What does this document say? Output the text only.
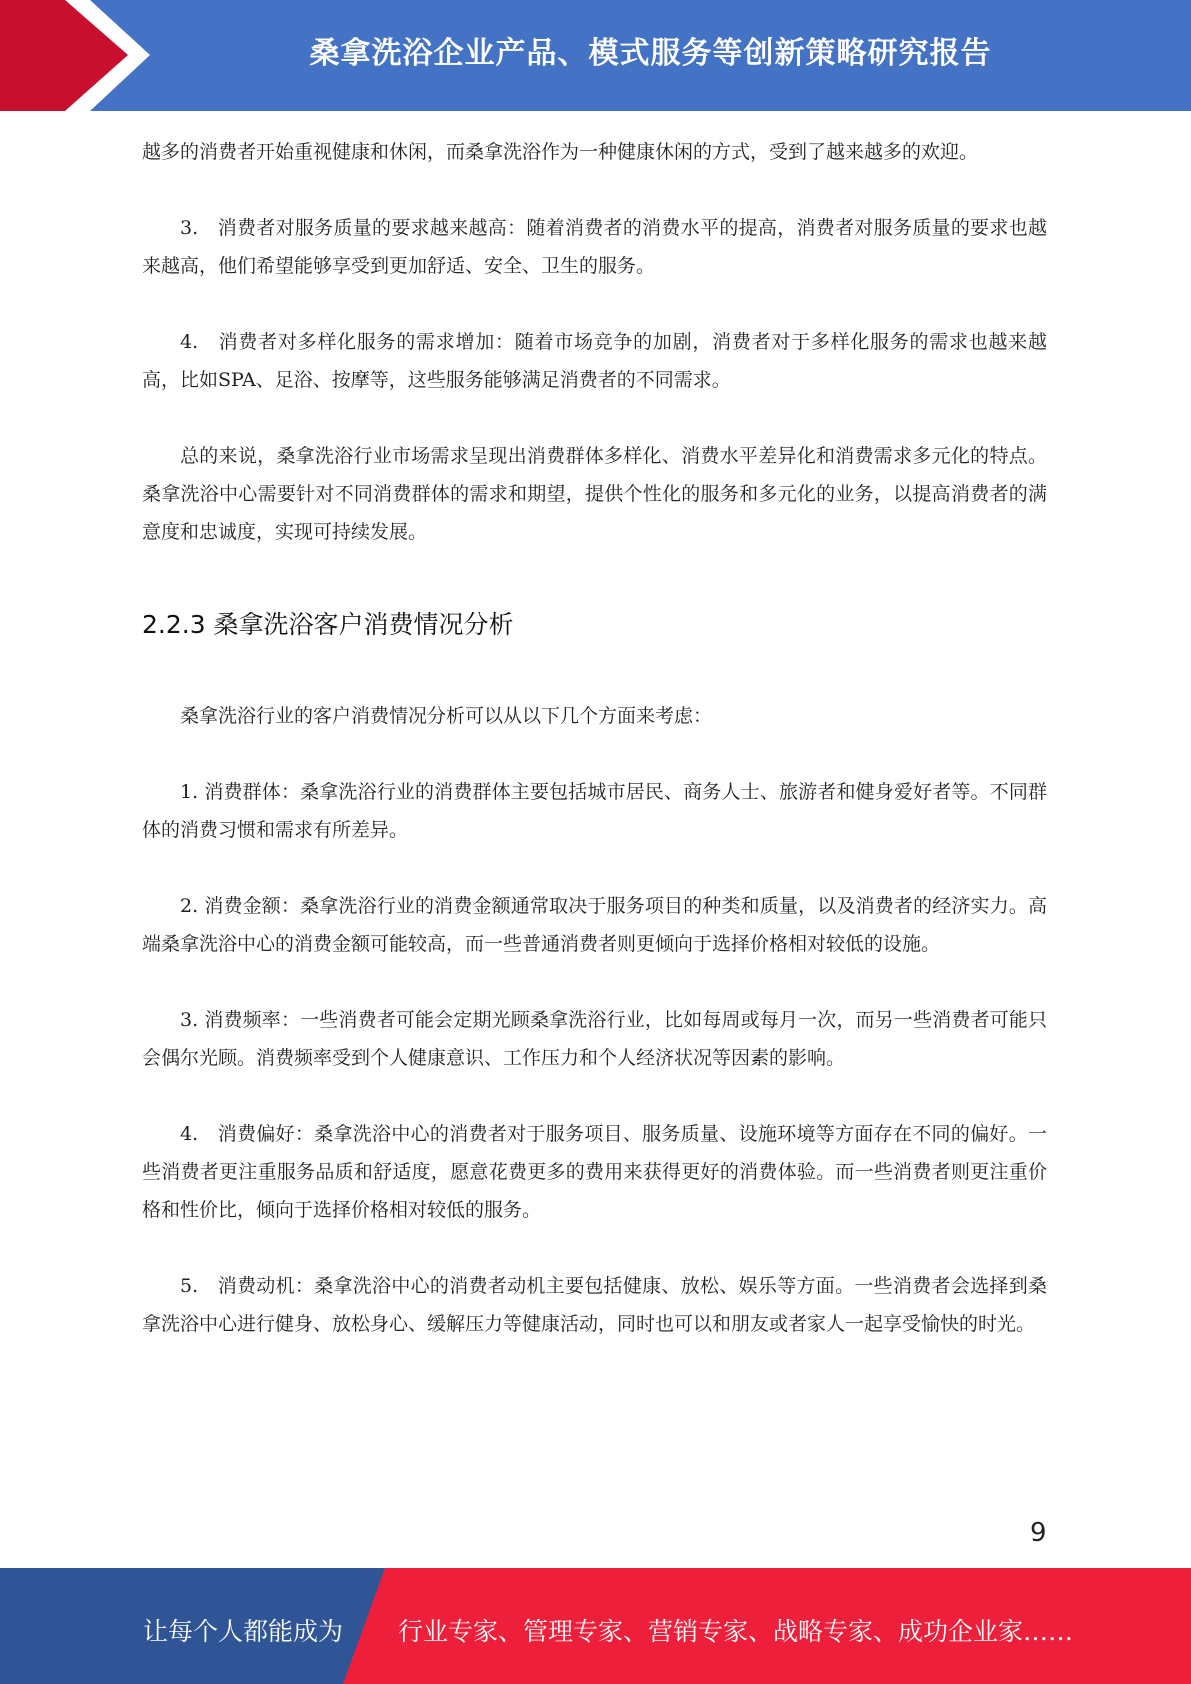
桑拿洗浴企业产品、模式服务等创新策略研究报告

越多的消费者开始重视健康和休闲，而桑拿洗浴作为一种健康休闲的方式，受到了越来越多的欢迎。

3.　消费者对服务质量的要求越来越高：随着消费者的消费水平的提高，消费者对服务质量的要求也越来越高，他们希望能够享受到更加舒适、安全、卫生的服务。

4.　消费者对多样化服务的需求增加：随着市场竞争的加剧，消费者对于多样化服务的需求也越来越高，比如SPA、足浴、按摩等，这些服务能够满足消费者的不同需求。

总的来说，桑拿洗浴行业市场需求呈现出消费群体多样化、消费水平差异化和消费需求多元化的特点。桑拿洗浴中心需要针对不同消费群体的需求和期望，提供个性化的服务和多元化的业务，以提高消费者的满意度和忠诚度，实现可持续发展。

2.2.3 桑拿洗浴客户消费情况分析

桑拿洗浴行业的客户消费情况分析可以从以下几个方面来考虑：

1. 消费群体：桑拿洗浴行业的消费群体主要包括城市居民、商务人士、旅游者和健身爱好者等。不同群体的消费习惯和需求有所差异。

2. 消费金额：桑拿洗浴行业的消费金额通常取决于服务项目的种类和质量，以及消费者的经济实力。高端桑拿洗浴中心的消费金额可能较高，而一些普通消费者则更倾向于选择价格相对较低的设施。

3. 消费频率：一些消费者可能会定期光顾桑拿洗浴行业，比如每周或每月一次，而另一些消费者可能只会偶尔光顾。消费频率受到个人健康意识、工作压力和个人经济状况等因素的影响。

4.　消费偏好：桑拿洗浴中心的消费者对于服务项目、服务质量、设施环境等方面存在不同的偏好。一些消费者更注重服务品质和舒适度，愿意花费更多的费用来获得更好的消费体验。而一些消费者则更注重价格和性价比，倾向于选择价格相对较低的服务。

5.　消费动机：桑拿洗浴中心的消费者动机主要包括健康、放松、娱乐等方面。一些消费者会选择到桑拿洗浴中心进行健身、放松身心、缓解压力等健康活动，同时也可以和朋友或者家人一起享受愉快的时光。

9
让每个人都能成为 行业专家、管理专家、营销专家、战略专家、成功企业家……
